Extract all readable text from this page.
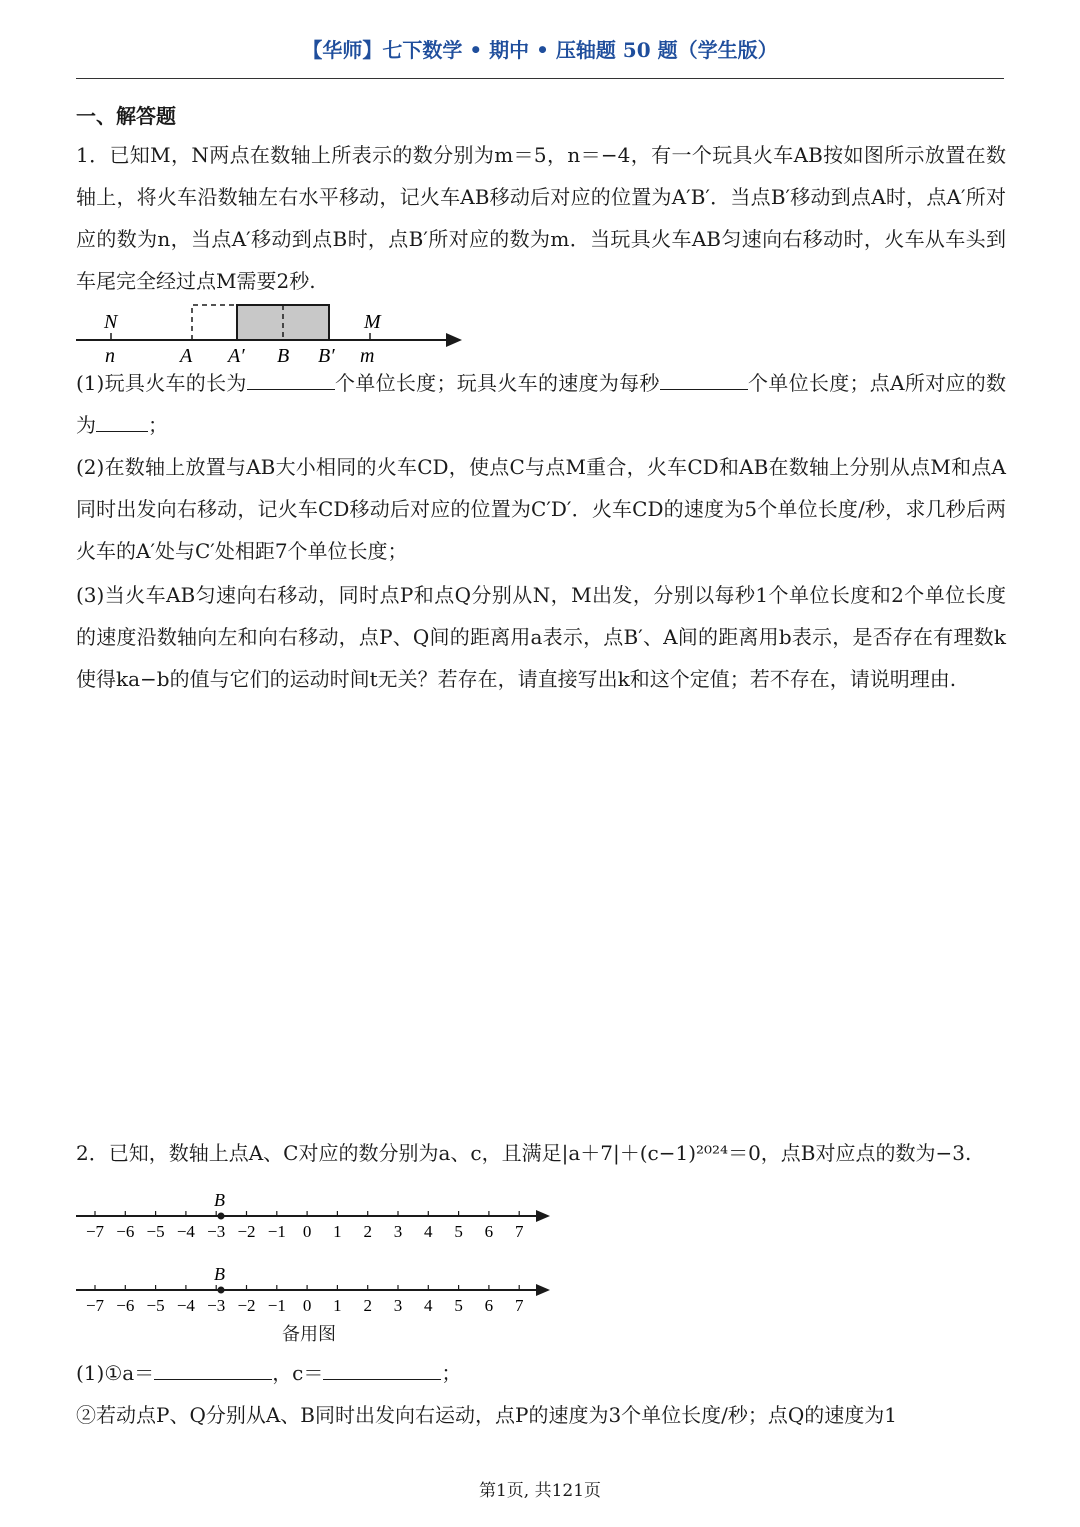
【华师】七下数学 • 期中 • 压轴题 50 题（学生版）
一、解答题

1．已知M，N两点在数轴上所表示的数分别为m＝5，n＝−4，有一个玩具火车AB按如图所示放置在数轴上，将火车沿数轴左右水平移动，记火车AB移动后对应的位置为A′B′．当点B′移动到点A时，点A′所对应的数为n，当点A′移动到点B时，点B′所对应的数为m．当玩具火车AB匀速向右移动时，火车从车头到车尾完全经过点M需要2秒.

N	M
n	A A′ B B′ m

(1)玩具火车的长为	个单位长度；玩具火车的速度为每秒	个单位长度；点A所对应的数为	；

(2)在数轴上放置与AB大小相同的火车CD，使点C与点M重合，火车CD和AB在数轴上分别从点M和点A同时出发向右移动，记火车CD移动后对应的位置为C′D′．火车CD的速度为5个单位长度/秒，求几秒后两火车的A′处与C′处相距7个单位长度；

(3)当火车AB匀速向右移动，同时点P和点Q分别从N，M出发，分别以每秒1个单位长度和2个单位长度的速度沿数轴向左和向右移动，点P、Q间的距离用a表示，点B′、A间的距离用b表示，是否存在有理数k使得ka−b的值与它们的运动时间t无关？若存在，请直接写出k和这个定值；若不存在，请说明理由.

2．已知，数轴上点A、C对应的数分别为a、c，且满足|a＋7|＋(c−1)²⁰²⁴＝0，点B对应点的数为−3.

−7 −6 −5 −4 −3 −2 −1 0 1 2 3 4 5 6 7
B
−7 −6 −5 −4 −3 −2 −1 0 1 2 3 4 5 6 7
B
备用图

(1)①a＝	，c＝	；

②若动点P、Q分别从A、B同时出发向右运动，点P的速度为3个单位长度/秒；点Q的速度为1

第1页, 共121页
